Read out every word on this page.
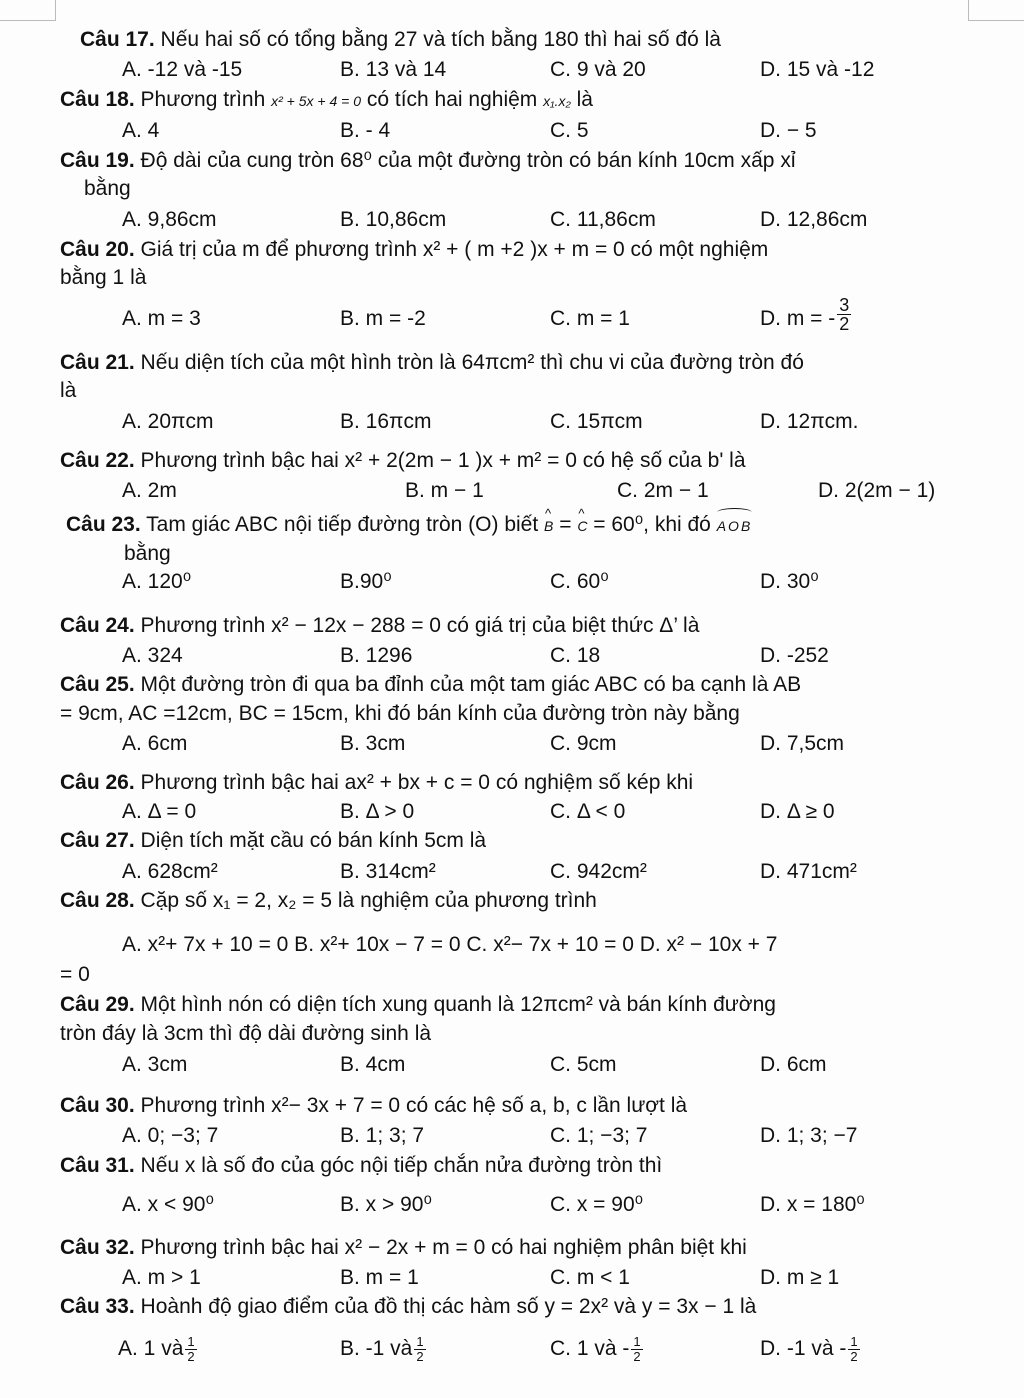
Câu 17. Nếu hai số có tổng bằng 27 và tích bằng 180 thì hai số đó là
A. -12 và -15	B. 13 và 14	C. 9 và 20	D. 15 và -12
Câu 18. Phương trình x² + 5x + 4 = 0 có tích hai nghiệm x₁.x₂ là
A. 4	B. - 4	C. 5	D. − 5
Câu 19. Độ dài của cung tròn 68⁰ của một đường tròn có bán kính 10cm xấp xỉ
bằng
A. 9,86cm	B. 10,86cm	C. 11,86cm	D. 12,86cm
Câu 20. Giá trị của m để phương trình x² + ( m +2 )x + m = 0 có một nghiệm
bằng 1 là
A. m = 3	B. m = -2	C. m = 1	D. m = - $\frac{3}{2}$
Câu 21. Nếu diện tích của một hình tròn là 64πcm² thì chu vi của đường tròn đó
là
A. 20πcm	B. 16πcm	C. 15πcm	D. 12πcm.
Câu 22. Phương trình bậc hai x² + 2(2m − 1 )x + m² = 0 có hệ số của b' là
A. 2m	B. m − 1	C. 2m − 1	D. 2(2m − 1)
Câu 23. Tam giác ABC nội tiếp đường tròn (O) biết ^ B = ^ C = 60⁰, khi đó AOB
bằng
A. 120⁰	B.90⁰	C. 60⁰	D. 30⁰
Câu 24. Phương trình x² − 12x − 288 = 0 có giá trị của biệt thức Δ’ là
A. 324	B. 1296	C. 18	D. -252
Câu 25. Một đường tròn đi qua ba đỉnh của một tam giác ABC có ba cạnh là AB
= 9cm, AC =12cm, BC = 15cm, khi đó bán kính của đường tròn này bằng
A. 6cm	B. 3cm	C. 9cm	D. 7,5cm
Câu 26. Phương trình bậc hai ax² + bx + c = 0 có nghiệm số kép khi
A. Δ = 0	B. Δ > 0	C. Δ < 0	D. Δ ≥ 0
Câu 27. Diện tích mặt cầu có bán kính 5cm là
A. 628cm²	B. 314cm²	C. 942cm²	D. 471cm²
Câu 28. Cặp số x₁ = 2, x₂ = 5 là nghiệm của phương trình
A. x²+ 7x + 10 = 0 B. x²+ 10x − 7 = 0 C. x²− 7x + 10 = 0 D. x² − 10x + 7
= 0
Câu 29. Một hình nón có diện tích xung quanh là 12πcm² và bán kính đường
tròn đáy là 3cm thì độ dài đường sinh là
A. 3cm	B. 4cm	C. 5cm	D. 6cm
Câu 30. Phương trình x²− 3x + 7 = 0 có các hệ số a, b, c lần lượt là
A. 0; −3; 7	B. 1; 3; 7	C. 1; −3; 7	D. 1; 3; −7
Câu 31. Nếu x là số đo của góc nội tiếp chắn nửa đường tròn thì
A. x < 90⁰	B. x > 90⁰	C. x = 90⁰	D. x = 180⁰
Câu 32. Phương trình bậc hai x² − 2x + m = 0 có hai nghiệm phân biệt khi
A. m > 1	B. m = 1	C. m < 1	D. m ≥ 1
Câu 33. Hoành độ giao điểm của đồ thị các hàm số y = 2x² và y = 3x − 1 là
A. 1 và $\frac{1}{2}$	B. -1 và $\frac{1}{2}$	C. 1 và - $\frac{1}{2}$	D. -1 và - $\frac{1}{2}$
